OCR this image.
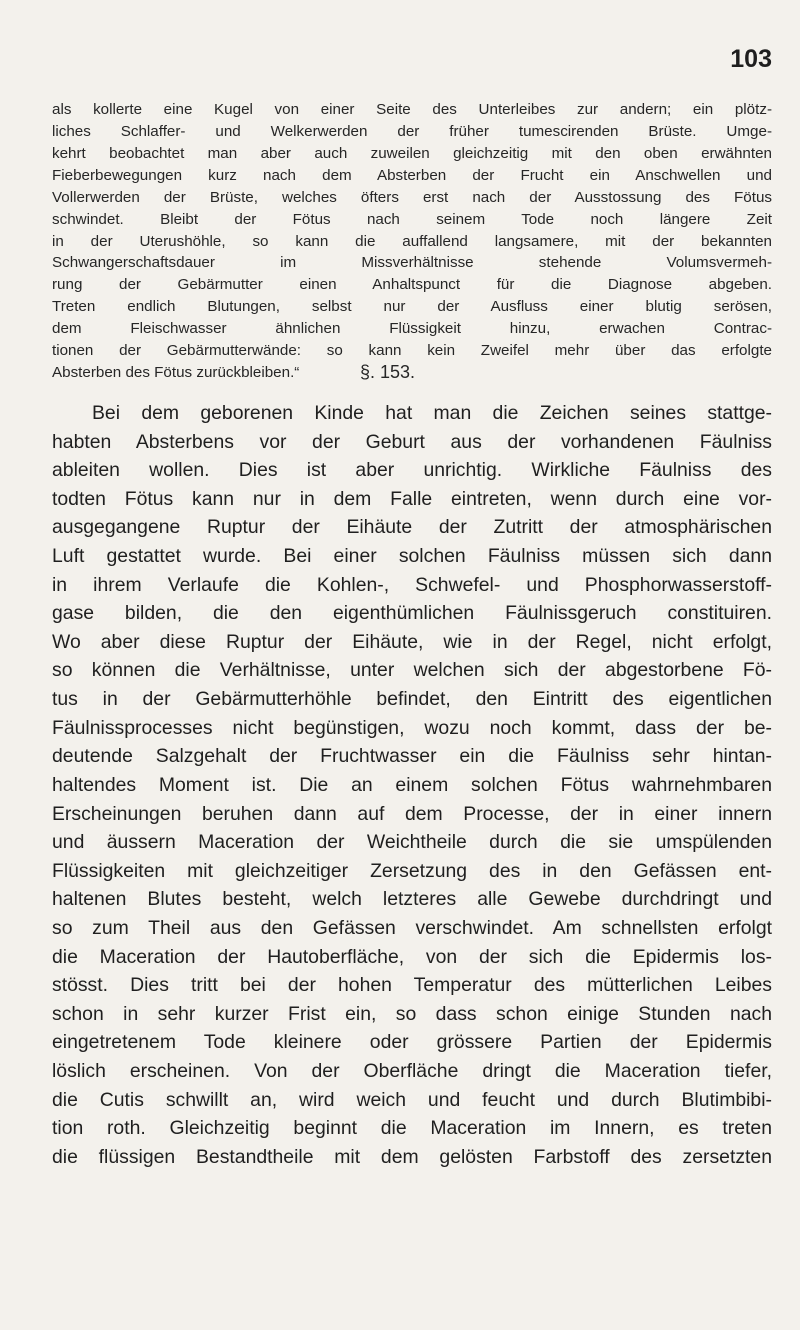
103
als kollerte eine Kugel von einer Seite des Unterleibes zur andern; ein plötz-
liches Schlaffer- und Welkerwerden der früher tumescirenden Brüste. Umge-
kehrt beobachtet man aber auch zuweilen gleichzeitig mit den oben erwähnten
Fieberbewegungen kurz nach dem Absterben der Frucht ein Anschwellen und
Vollerwerden der Brüste, welches öfters erst nach der Ausstossung des Fötus
schwindet. Bleibt der Fötus nach seinem Tode noch längere Zeit
in der Uterushöhle, so kann die auffallend langsamere, mit der bekannten
Schwangerschaftsdauer im Missverhältnisse stehende Volumsvermeh-
rung der Gebärmutter einen Anhaltspunct für die Diagnose abgeben.
Treten endlich Blutungen, selbst nur der Ausfluss einer blutig serösen,
dem Fleischwasser ähnlichen Flüssigkeit hinzu, erwachen Contrac-
tionen der Gebärmutterwände: so kann kein Zweifel mehr über das erfolgte
Absterben des Fötus zurückbleiben.“	§. 153.
Bei dem geborenen Kinde hat man die Zeichen seines stattge-
habten Absterbens vor der Geburt aus der vorhandenen Fäulniss
ableiten wollen. Dies ist aber unrichtig. Wirkliche Fäulniss des
todten Fötus kann nur in dem Falle eintreten, wenn durch eine vor-
ausgegangene Ruptur der Eihäute der Zutritt der atmosphärischen
Luft gestattet wurde. Bei einer solchen Fäulniss müssen sich dann
in ihrem Verlaufe die Kohlen-, Schwefel- und Phosphorwasserstoff-
gase bilden, die den eigenthümlichen Fäulnissgeruch constituiren.
Wo aber diese Ruptur der Eihäute, wie in der Regel, nicht erfolgt,
so können die Verhältnisse, unter welchen sich der abgestorbene Fö-
tus in der Gebärmutterhöhle befindet, den Eintritt des eigentlichen
Fäulnissprocesses nicht begünstigen, wozu noch kommt, dass der be-
deutende Salzgehalt der Fruchtwasser ein die Fäulniss sehr hintan-
haltendes Moment ist. Die an einem solchen Fötus wahrnehmbaren
Erscheinungen beruhen dann auf dem Processe, der in einer innern
und äussern Maceration der Weichtheile durch die sie umspülenden
Flüssigkeiten mit gleichzeitiger Zersetzung des in den Gefässen ent-
haltenen Blutes besteht, welch letzteres alle Gewebe durchdringt und
so zum Theil aus den Gefässen verschwindet. Am schnellsten erfolgt
die Maceration der Hautoberfläche, von der sich die Epidermis los-
stösst. Dies tritt bei der hohen Temperatur des mütterlichen Leibes
schon in sehr kurzer Frist ein, so dass schon einige Stunden nach
eingetretenem Tode kleinere oder grössere Partien der Epidermis
löslich erscheinen. Von der Oberfläche dringt die Maceration tiefer,
die Cutis schwillt an, wird weich und feucht und durch Blutimbibi-
tion roth. Gleichzeitig beginnt die Maceration im Innern, es treten
die flüssigen Bestandtheile mit dem gelösten Farbstoff des zersetzten
